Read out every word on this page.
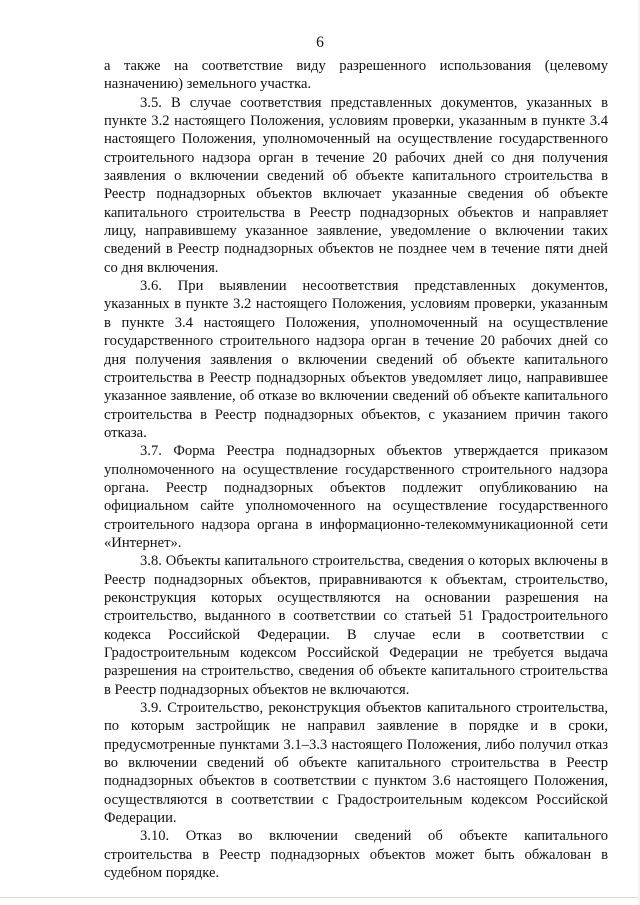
6

а также на соответствие виду разрешенного использования (целевому назначению) земельного участка.

3.5. В случае соответствия представленных документов, указанных в пункте 3.2 настоящего Положения, условиям проверки, указанным в пункте 3.4 настоящего Положения, уполномоченный на осуществление государственного строительного надзора орган в течение 20 рабочих дней со дня получения заявления о включении сведений об объекте капитального строительства в Реестр поднадзорных объектов включает указанные сведения об объекте капитального строительства в Реестр поднадзорных объектов и направляет лицу, направившему указанное заявление, уведомление о включении таких сведений в Реестр поднадзорных объектов не позднее чем в течение пяти дней со дня включения.

3.6. При выявлении несоответствия представленных документов, указанных в пункте 3.2 настоящего Положения, условиям проверки, указанным в пункте 3.4 настоящего Положения, уполномоченный на осуществление государственного строительного надзора орган в течение 20 рабочих дней со дня получения заявления о включении сведений об объекте капитального строительства в Реестр поднадзорных объектов уведомляет лицо, направившее указанное заявление, об отказе во включении сведений об объекте капитального строительства в Реестр поднадзорных объектов, с указанием причин такого отказа.

3.7. Форма Реестра поднадзорных объектов утверждается приказом уполномоченного на осуществление государственного строительного надзора органа. Реестр поднадзорных объектов подлежит опубликованию на официальном сайте уполномоченного на осуществление государственного строительного надзора органа в информационно-телекоммуникационной сети «Интернет».

3.8. Объекты капитального строительства, сведения о которых включены в Реестр поднадзорных объектов, приравниваются к объектам, строительство, реконструкция которых осуществляются на основании разрешения на строительство, выданного в соответствии со статьей 51 Градостроительного кодекса Российской Федерации. В случае если в соответствии с Градостроительным кодексом Российской Федерации не требуется выдача разрешения на строительство, сведения об объекте капитального строительства в Реестр поднадзорных объектов не включаются.

3.9. Строительство, реконструкция объектов капитального строительства, по которым застройщик не направил заявление в порядке и в сроки, предусмотренные пунктами 3.1–3.3 настоящего Положения, либо получил отказ во включении сведений об объекте капитального строительства в Реестр поднадзорных объектов в соответствии с пунктом 3.6 настоящего Положения, осуществляются в соответствии с Градостроительным кодексом Российской Федерации.

3.10. Отказ во включении сведений об объекте капитального строительства в Реестр поднадзорных объектов может быть обжалован в судебном порядке.
